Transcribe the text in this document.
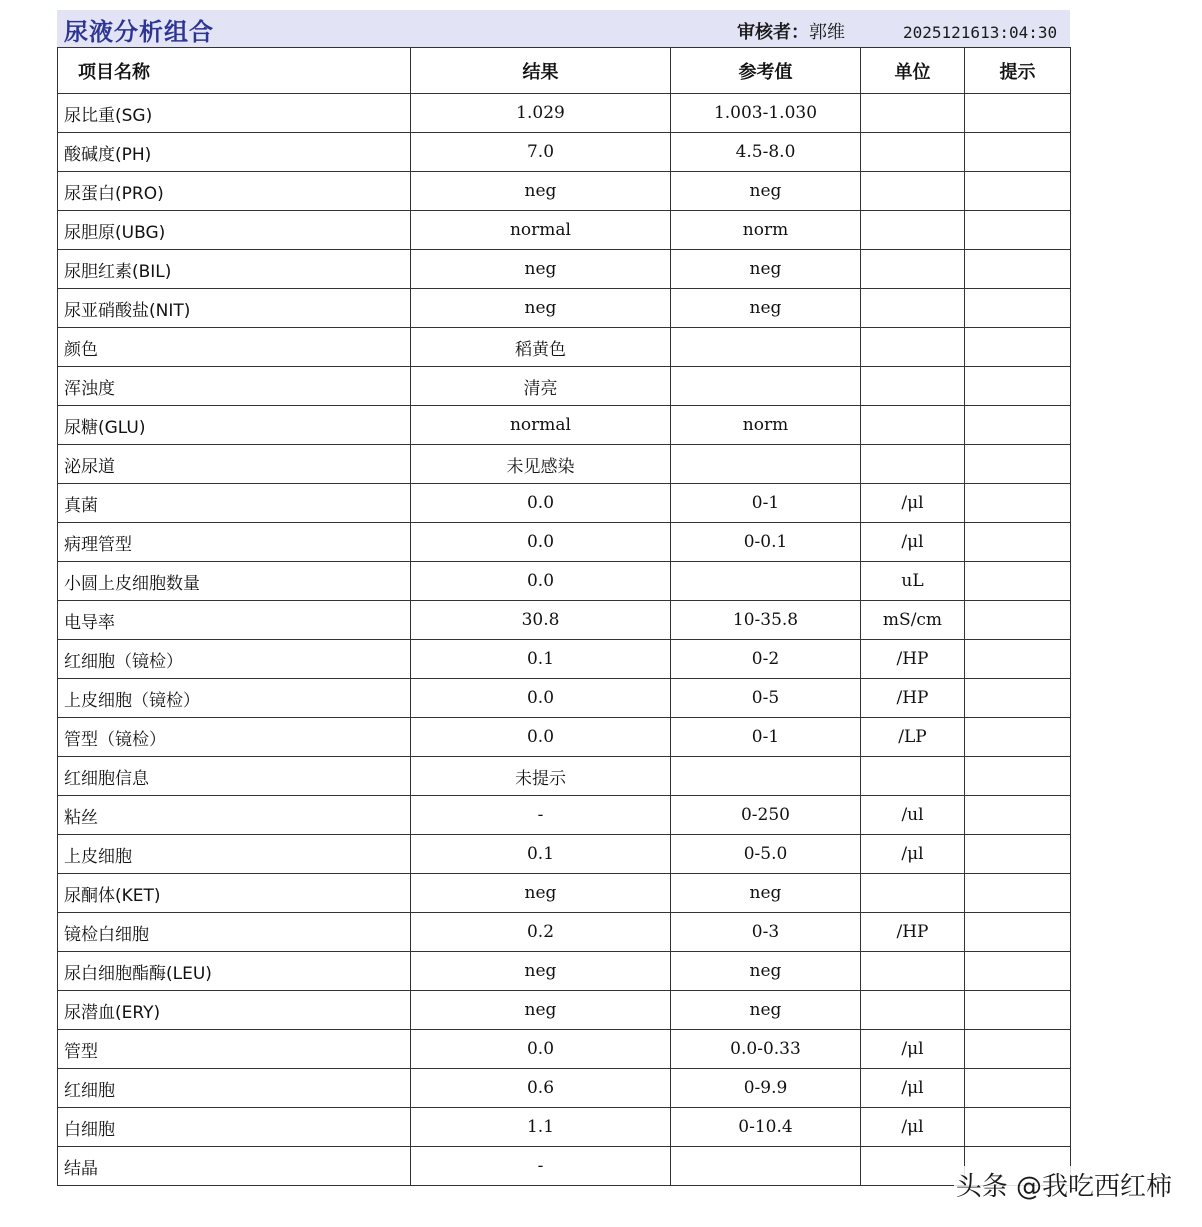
尿液分析组合	审核者：郭维	2025121613:04:30
项目名称	结果	参考值	单位	提示
尿比重(SG)	1.029	1.003-1.030		
酸碱度(PH)	7.0	4.5-8.0		
尿蛋白(PRO)	neg	neg		
尿胆原(UBG)	normal	norm		
尿胆红素(BIL)	neg	neg		
尿亚硝酸盐(NIT)	neg	neg		
颜色	稻黄色			
浑浊度	清亮			
尿糖(GLU)	normal	norm		
泌尿道	未见感染			
真菌	0.0	0-1	/μl	
病理管型	0.0	0-0.1	/μl	
小圆上皮细胞数量	0.0		uL	
电导率	30.8	10-35.8	mS/cm	
红细胞（镜检）	0.1	0-2	/HP	
上皮细胞（镜检）	0.0	0-5	/HP	
管型（镜检）	0.0	0-1	/LP	
红细胞信息	未提示			
粘丝	-	0-250	/ul	
上皮细胞	0.1	0-5.0	/μl	
尿酮体(KET)	neg	neg		
镜检白细胞	0.2	0-3	/HP	
尿白细胞酯酶(LEU)	neg	neg		
尿潜血(ERY)	neg	neg		
管型	0.0	0.0-0.33	/μl	
红细胞	0.6	0-9.9	/μl	
白细胞	1.1	0-10.4	/μl	
结晶	-			
头条 @我吃西红柿
